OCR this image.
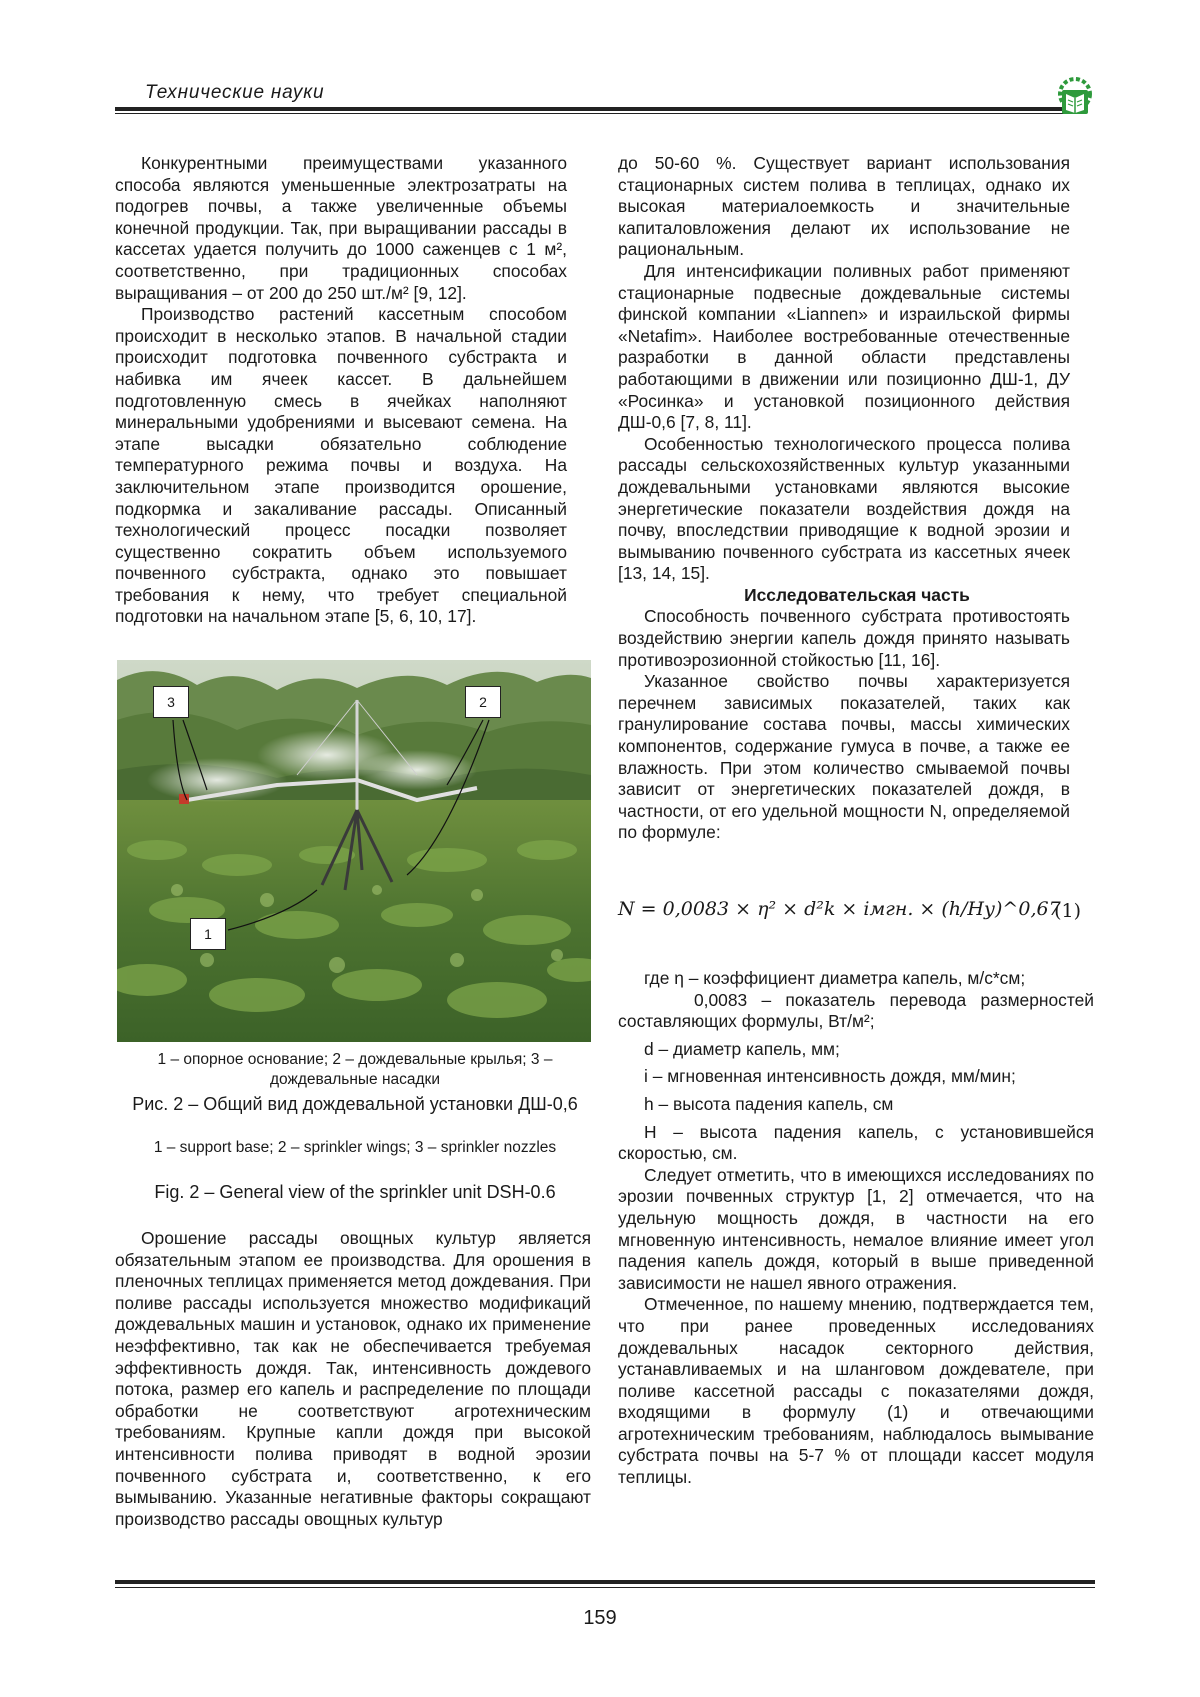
Технические науки

Конкурентными преимуществами указанного способа являются уменьшенные электрозатраты на подогрев почвы, а также увеличенные объемы конечной продукции. Так, при выращивании рассады в кассетах удается получить до 1000 саженцев с 1 м², соответственно, при традиционных способах выращивания – от 200 до 250 шт./м² [9, 12].

Производство растений кассетным способом происходит в несколько этапов. В начальной стадии происходит подготовка почвенного субстракта и набивка им ячеек кассет. В дальнейшем подготовленную смесь в ячейках наполняют минеральными удобрениями и высевают семена. На этапе высадки обязательно соблюдение температурного режима почвы и воздуха. На заключительном этапе производится орошение, подкормка и закаливание рассады. Описанный технологический процесс посадки позволяет существенно сократить объем используемого почвенного субстракта, однако это повышает требования к нему, что требует специальной подготовки на начальном этапе [5, 6, 10, 17].

3	2
1
1 – опорное основание; 2 – дождевальные крылья; 3 – дождевальные насадки
Рис. 2 – Общий вид дождевальной установки ДШ-0,6
1 – support base; 2 – sprinkler wings; 3 – sprinkler nozzles
Fig. 2 – General view of the sprinkler unit DSH-0.6

Орошение рассады овощных культур является обязательным этапом ее производства. Для орошения в пленочных теплицах применяется метод дождевания. При поливе рассады используется множество модификаций дождевальных машин и установок, однако их применение неэффективно, так как не обеспечивается требуемая эффективность дождя. Так, интенсивность дождевого потока, размер его капель и распределение по площади обработки не соответствуют агротехническим требованиям. Крупные капли дождя при высокой интенсивности полива приводят в водной эрозии почвенного субстрата и, соответственно, к его вымыванию. Указанные негативные факторы сокращают производство рассады овощных культур

до 50-60 %. Существует вариант использования стационарных систем полива в теплицах, однако их высокая материалоемкость и значительные капиталовложения делают их использование не рациональным.

Для интенсификации поливных работ применяют стационарные подвесные дождевальные системы финской компании «Liannen» и израильской фирмы «Netafim». Наиболее востребованные отечественные разработки в данной области представлены работающими в движении или позиционно ДШ-1, ДУ «Росинка» и установкой позиционного действия ДШ-0,6 [7, 8, 11].

Особенностью технологического процесса полива рассады сельскохозяйственных культур указанными дождевальными установками являются высокие энергетические показатели воздействия дождя на почву, впоследствии приводящие к водной эрозии и вымыванию почвенного субстрата из кассетных ячеек [13, 14, 15].

Исследовательская часть

Способность почвенного субстрата противостоять воздействию энергии капель дождя принято называть противоэрозионной стойкостью [11, 16].

Указанное свойство почвы характеризуется перечнем зависимых показателей, таких как гранулирование состава почвы, массы химических компонентов, содержание гумуса в почве, а также ее влажность. При этом количество смываемой почвы зависит от энергетических показателей дождя, в частности, от его удельной мощности N, определяемой по формуле:

N = 0,0083 × η² × d²k × iмгн. × (h/Hу)^0,67
(1)

где η – коэффициент диаметра капель, м/с*см;

0,0083 – показатель перевода размерностей составляющих формулы, Вт/м²;

d – диаметр капель, мм;

i – мгновенная интенсивность дождя, мм/мин;

h – высота падения капель, см

H – высота падения капель, с установившейся скоростью, см.

Следует отметить, что в имеющихся исследованиях по эрозии почвенных структур [1, 2] отмечается, что на удельную мощность дождя, в частности на его мгновенную интенсивность, немалое влияние имеет угол падения капель дождя, который в выше приведенной зависимости не нашел явного отражения.

Отмеченное, по нашему мнению, подтверждается тем, что при ранее проведенных исследованиях дождевальных насадок секторного действия, устанавливаемых и на шланговом дождевателе, при поливе кассетной рассады с показателями дождя, входящими в формулу (1) и отвечающими агротехническим требованиям, наблюдалось вымывание субстрата почвы на 5-7 % от площади кассет модуля теплицы.

159
